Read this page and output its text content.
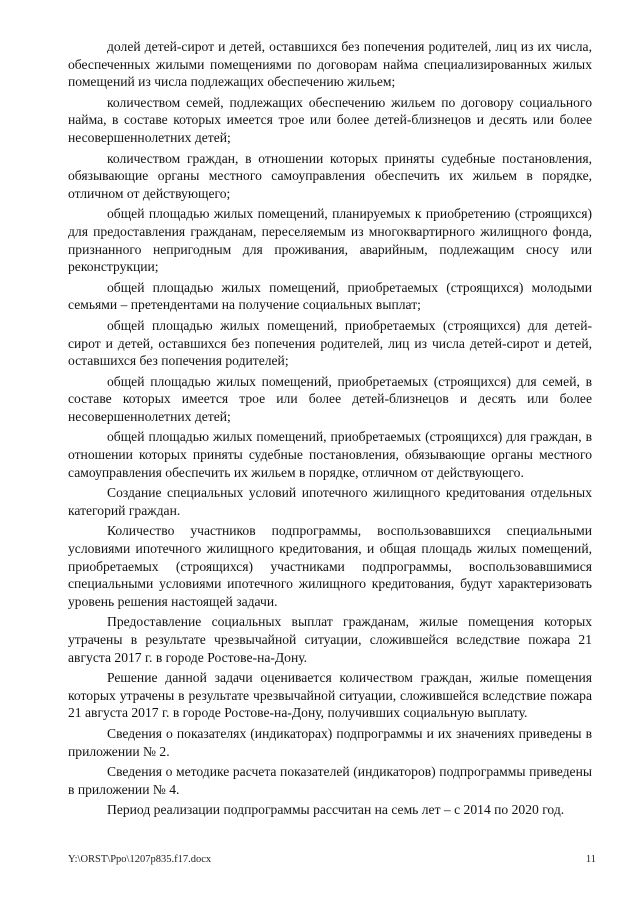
долей детей-сирот и детей, оставшихся без попечения родителей, лиц из их числа, обеспеченных жилыми помещениями по договорам найма специализированных жилых помещений из числа подлежащих обеспечению жильем;

количеством семей, подлежащих обеспечению жильем по договору социального найма, в составе которых имеется трое или более детей-близнецов и десять или более несовершеннолетних детей;

количеством граждан, в отношении которых приняты судебные постановления, обязывающие органы местного самоуправления обеспечить их жильем в порядке, отличном от действующего;

общей площадью жилых помещений, планируемых к приобретению (строящихся) для предоставления гражданам, переселяемым из многоквартирного жилищного фонда, признанного непригодным для проживания, аварийным, подлежащим сносу или реконструкции;

общей площадью жилых помещений, приобретаемых (строящихся) молодыми семьями – претендентами на получение социальных выплат;

общей площадью жилых помещений, приобретаемых (строящихся) для детей-сирот и детей, оставшихся без попечения родителей, лиц из числа детей-сирот и детей, оставшихся без попечения родителей;

общей площадью жилых помещений, приобретаемых (строящихся) для семей, в составе которых имеется трое или более детей-близнецов и десять или более несовершеннолетних детей;

общей площадью жилых помещений, приобретаемых (строящихся) для граждан, в отношении которых приняты судебные постановления, обязывающие органы местного самоуправления обеспечить их жильем в порядке, отличном от действующего.

Создание специальных условий ипотечного жилищного кредитования отдельных категорий граждан.

Количество участников подпрограммы, воспользовавшихся специальными условиями ипотечного жилищного кредитования, и общая площадь жилых помещений, приобретаемых (строящихся) участниками подпрограммы, воспользовавшимися специальными условиями ипотечного жилищного кредитования, будут характеризовать уровень решения настоящей задачи.

Предоставление социальных выплат гражданам, жилые помещения которых утрачены в результате чрезвычайной ситуации, сложившейся вследствие пожара 21 августа 2017 г. в городе Ростове-на-Дону.

Решение данной задачи оценивается количеством граждан, жилые помещения которых утрачены в результате чрезвычайной ситуации, сложившейся вследствие пожара 21 августа 2017 г. в городе Ростове-на-Дону, получивших социальную выплату.

Сведения о показателях (индикаторах) подпрограммы и их значениях приведены в приложении № 2.

Сведения о методике расчета показателей (индикаторов) подпрограммы приведены в приложении № 4.

Период реализации подпрограммы рассчитан на семь лет – с 2014 по 2020 год.

Y:\ORST\Ppo\1207p835.f17.docx	11
